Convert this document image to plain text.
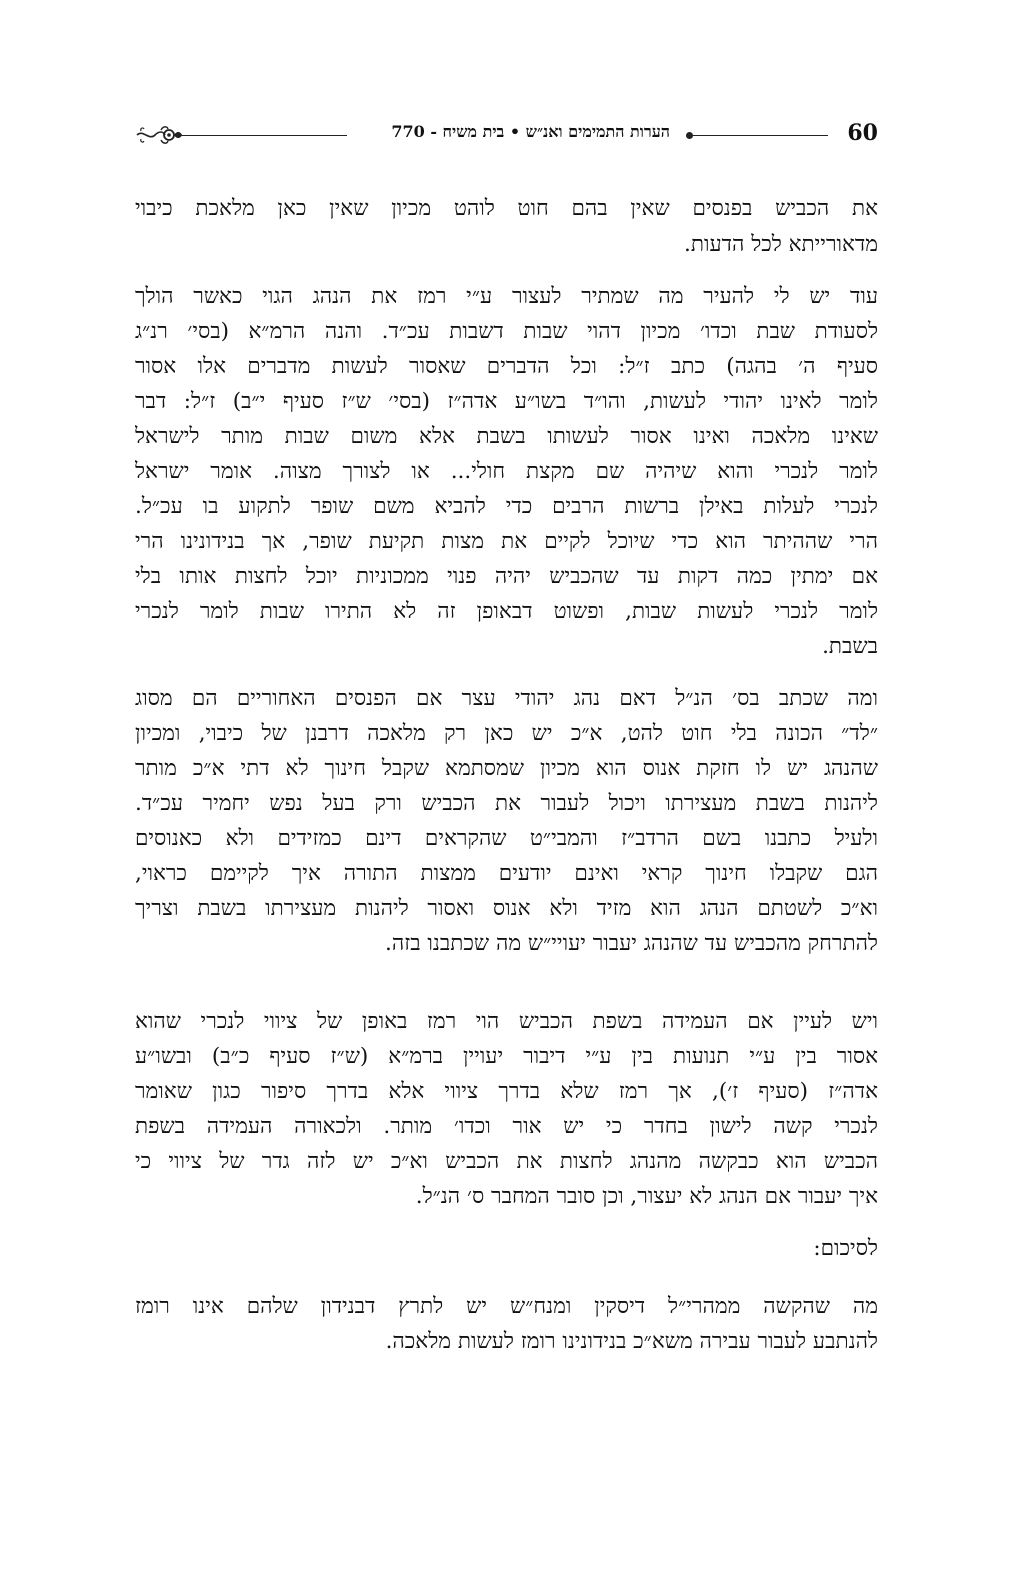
60
הערות התמימים ואנ״ש • בית משיח - 770
את הכביש בפנסים שאין בהם חוט לוהט מכיון שאין כאן מלאכת כיבוי
מדאורייתא לכל הדעות.
עוד יש לי להעיר מה שמתיר לעצור ע״י רמז את הנהג הגוי כאשר הולך
לסעודת שבת וכדו׳ מכיון דהוי שבות דשבות עכ״ד. והנה הרמ״א (בסי׳ רנ״ג
סעיף ה׳ בהגה) כתב ז״ל: וכל הדברים שאסור לעשות מדברים אלו אסור
לומר לאינו יהודי לעשות, והו״ד בשו״ע אדה״ז (בסי׳ ש״ז סעיף י״ב) ז״ל: דבר
שאינו מלאכה ואינו אסור לעשותו בשבת אלא משום שבות מותר לישראל
לומר לנכרי והוא שיהיה שם מקצת חולי... או לצורך מצוה. אומר ישראל
לנכרי לעלות באילן ברשות הרבים כדי להביא משם שופר לתקוע בו עכ״ל.
הרי שההיתר הוא כדי שיוכל לקיים את מצות תקיעת שופר, אך בנידונינו הרי
אם ימתין כמה דקות עד שהכביש יהיה פנוי ממכוניות יוכל לחצות אותו בלי
לומר לנכרי לעשות שבות, ופשוט דבאופן זה לא התירו שבות לומר לנכרי
בשבת.
ומה שכתב בס׳ הנ״ל דאם נהג יהודי עצר אם הפנסים האחוריים הם מסוג
״לד״ הכונה בלי חוט להט, א״כ יש כאן רק מלאכה דרבנן של כיבוי, ומכיון
שהנהג יש לו חזקת אנוס הוא מכיון שמסתמא שקבל חינוך לא דתי א״כ מותר
ליהנות בשבת מעצירתו ויכול לעבור את הכביש ורק בעל נפש יחמיר עכ״ד.
ולעיל כתבנו בשם הרדב״ז והמבי״ט שהקראים דינם כמזידים ולא כאנוסים
הגם שקבלו חינוך קראי ואינם יודעים ממצות התורה איך לקיימם כראוי,
וא״כ לשטתם הנהג הוא מזיד ולא אנוס ואסור ליהנות מעצירתו בשבת וצריך
להתרחק מהכביש עד שהנהג יעבור יעויי״ש מה שכתבנו בזה.
ויש לעיין אם העמידה בשפת הכביש הוי רמז באופן של ציווי לנכרי שהוא
אסור בין ע״י תנועות בין ע״י דיבור יעויין ברמ״א (ש״ז סעיף כ״ב) ובשו״ע
אדה״ז (סעיף ז׳), אך רמז שלא בדרך ציווי אלא בדרך סיפור כגון שאומר
לנכרי קשה לישון בחדר כי יש אור וכדו׳ מותר. ולכאורה העמידה בשפת
הכביש הוא כבקשה מהנהג לחצות את הכביש וא״כ יש לזה גדר של ציווי כי
איך יעבור אם הנהג לא יעצור, וכן סובר המחבר ס׳ הנ״ל.
לסיכום:
מה שהקשה ממהרי״ל דיסקין ומנח״ש יש לתרץ דבנידון שלהם אינו רומז
להנתבע לעבור עבירה משא״כ בנידונינו רומז לעשות מלאכה.
